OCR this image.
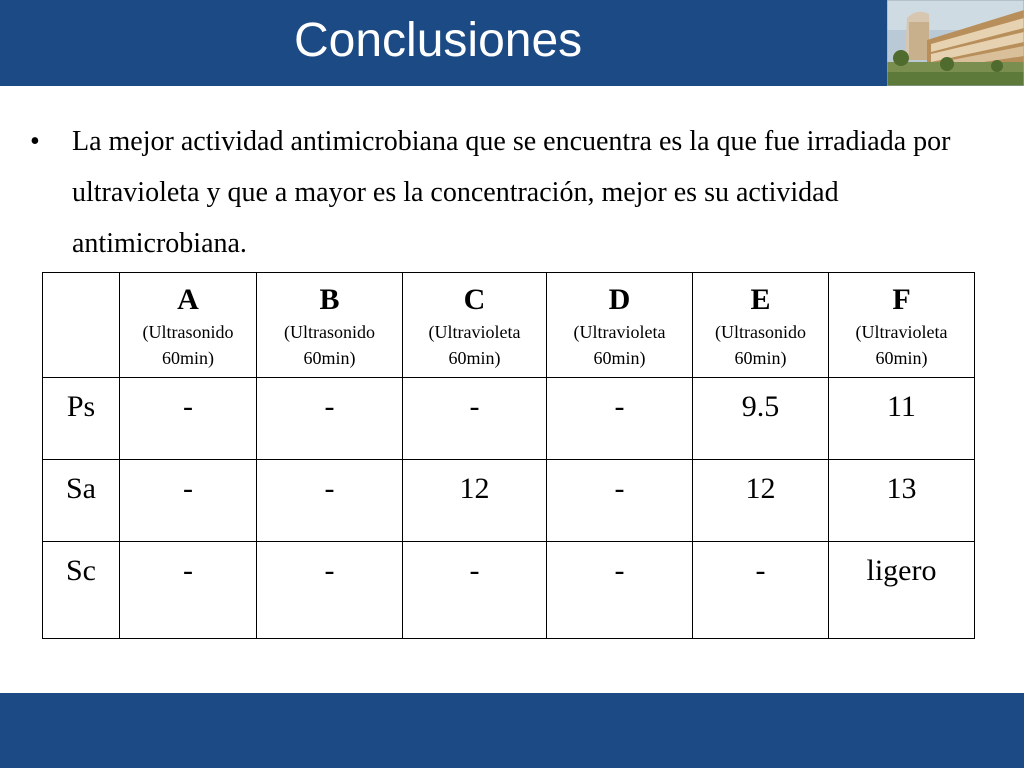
Conclusiones
•	La mejor actividad antimicrobiana que se encuentra es la que fue irradiada por ultravioleta y que a mayor es la concentración, mejor es su actividad antimicrobiana.

	A
(Ultrasonido
60min)	B
(Ultrasonido
60min)	C
(Ultravioleta
60min)	D
(Ultravioleta
60min)	E
(Ultrasonido
60min)	F
(Ultravioleta
60min)

Ps	-	-	-	-	9.5	11
Sa	-	-	12	-	12	13
Sc	-	-	-	-	-	ligero
